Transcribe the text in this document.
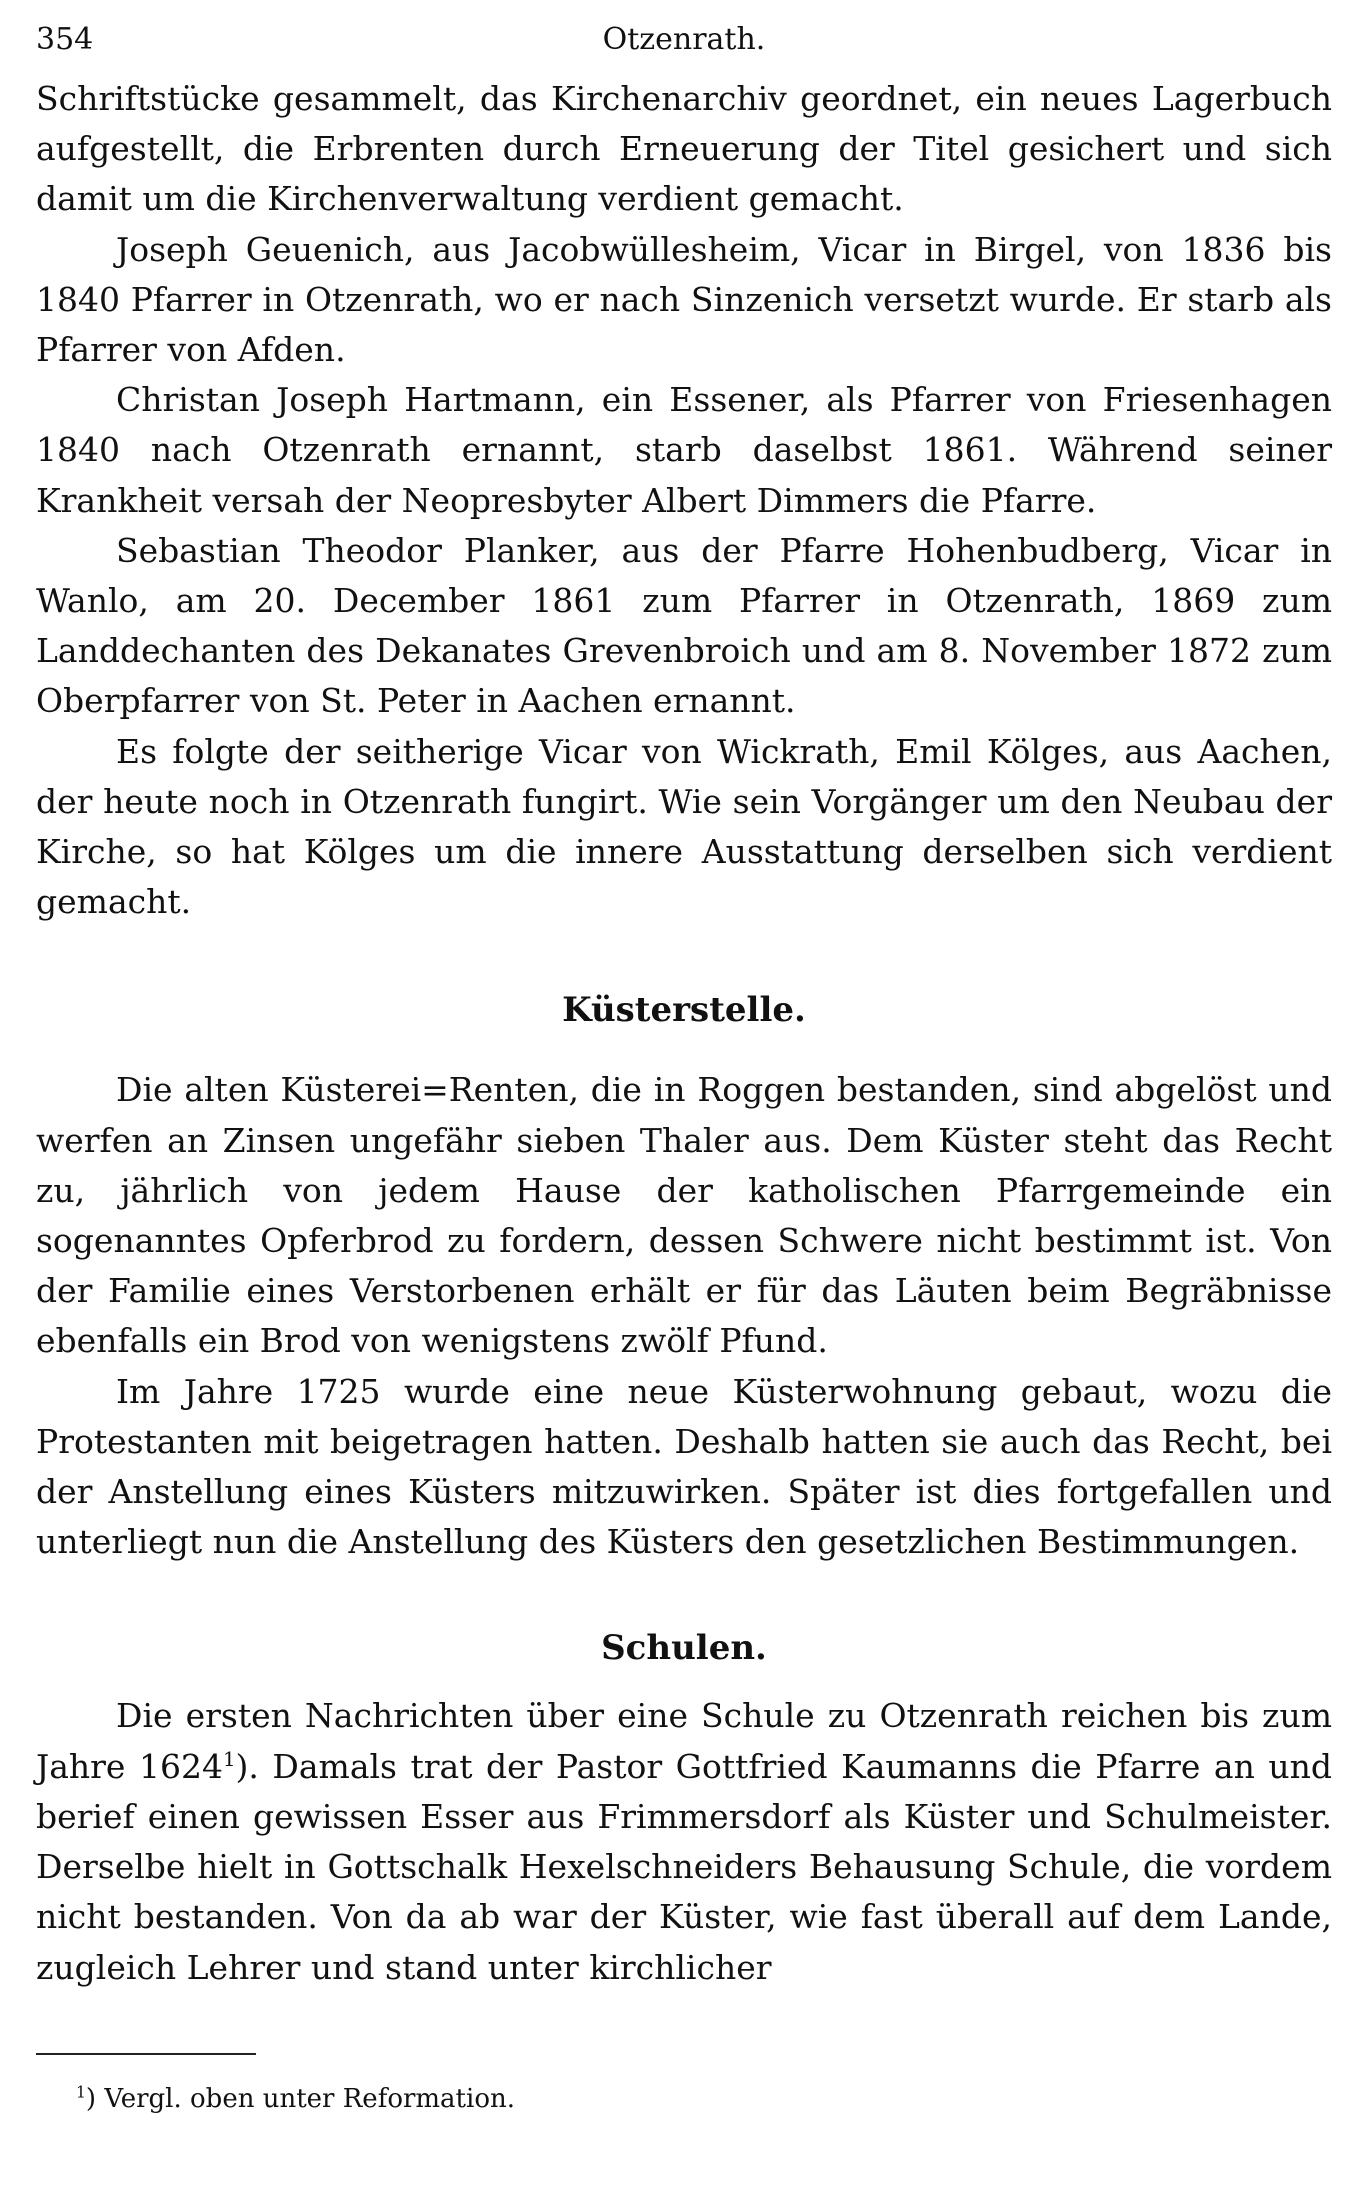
354	Otzenrath.

Schriftstücke gesammelt, das Kirchenarchiv geordnet, ein neues Lagerbuch aufgestellt, die Erbrenten durch Erneuerung der Titel gesichert und sich damit um die Kirchenverwaltung verdient gemacht.

Joseph Geuenich, aus Jacobwüllesheim, Vicar in Birgel, von 1836 bis 1840 Pfarrer in Otzenrath, wo er nach Sinzenich versetzt wurde. Er starb als Pfarrer von Afden.

Christan Joseph Hartmann, ein Essener, als Pfarrer von Friesenhagen 1840 nach Otzenrath ernannt, starb daselbst 1861. Während seiner Krankheit versah der Neopresbyter Albert Dimmers die Pfarre.

Sebastian Theodor Planker, aus der Pfarre Hohenbudberg, Vicar in Wanlo, am 20. December 1861 zum Pfarrer in Otzenrath, 1869 zum Landdechanten des Dekanates Grevenbroich und am 8. November 1872 zum Oberpfarrer von St. Peter in Aachen ernannt.

Es folgte der seitherige Vicar von Wickrath, Emil Kölges, aus Aachen, der heute noch in Otzenrath fungirt. Wie sein Vorgänger um den Neubau der Kirche, so hat Kölges um die innere Ausstattung derselben sich verdient gemacht.

Küsterstelle.

Die alten Küsterei=Renten, die in Roggen bestanden, sind abgelöst und werfen an Zinsen ungefähr sieben Thaler aus. Dem Küster steht das Recht zu, jährlich von jedem Hause der katholischen Pfarrgemeinde ein sogenanntes Opferbrod zu fordern, dessen Schwere nicht bestimmt ist. Von der Familie eines Verstorbenen erhält er für das Läuten beim Begräbnisse ebenfalls ein Brod von wenigstens zwölf Pfund.

Im Jahre 1725 wurde eine neue Küsterwohnung gebaut, wozu die Protestanten mit beigetragen hatten. Deshalb hatten sie auch das Recht, bei der Anstellung eines Küsters mitzuwirken. Später ist dies fortgefallen und unterliegt nun die Anstellung des Küsters den gesetzlichen Bestimmungen.

Schulen.

Die ersten Nachrichten über eine Schule zu Otzenrath reichen bis zum Jahre 1624$^1$). Damals trat der Pastor Gottfried Kaumanns die Pfarre an und berief einen gewissen Esser aus Frimmersdorf als Küster und Schulmeister. Derselbe hielt in Gottschalk Hexelschneiders Behausung Schule, die vordem nicht bestanden. Von da ab war der Küster, wie fast überall auf dem Lande, zugleich Lehrer und stand unter kirchlicher

$^1$) Vergl. oben unter Reformation.
